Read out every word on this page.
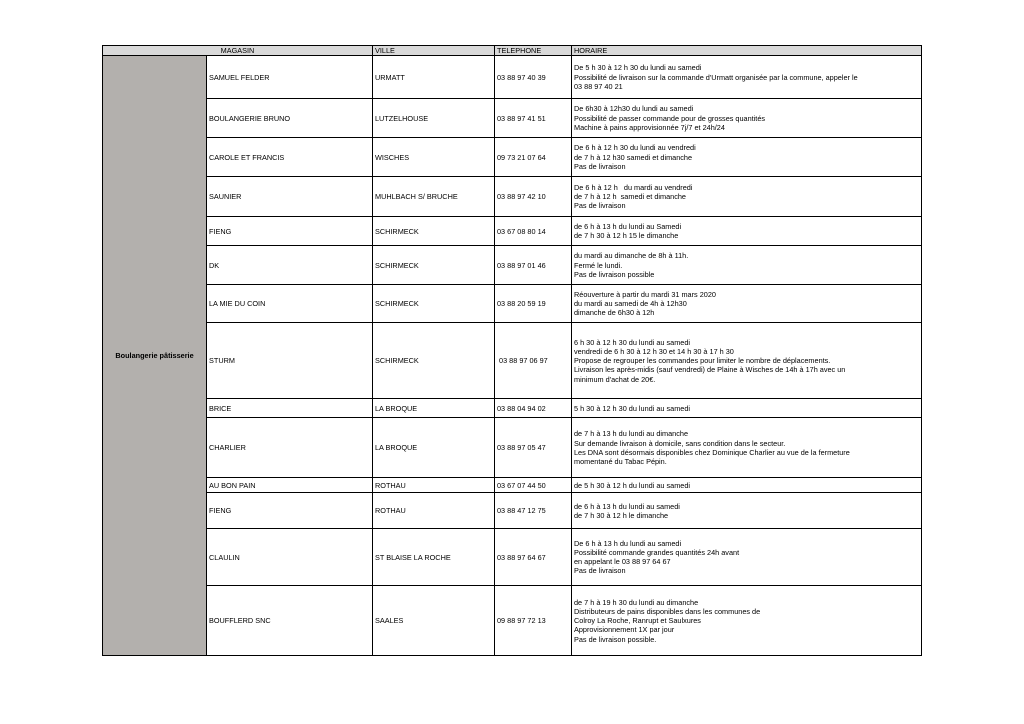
MAGASIN		VILLE	TELEPHONE	HORAIRE
Boulangerie pâtisserie	SAMUEL FELDER	URMATT	03 88 97 40 39	De 5 h 30 à 12 h 30 du lundi au samedi
Possibilité de livraison sur la commande d'Urmatt organisée par la commune, appeler le
03 88 97 40 21

	BOULANGERIE BRUNO	LUTZELHOUSE	03 88 97 41 51	De 6h30 à 12h30 du lundi au samedi
Possibilité de passer commande pour de grosses quantités
Machine à pains approvisionnée 7j/7 et 24h/24

	CAROLE ET FRANCIS	WISCHES	09 73 21 07 64	De 6 h à 12 h 30 du lundi au vendredi
de 7 h à 12 h30 samedi et dimanche
Pas de livraison

	SAUNIER	MUHLBACH S/ BRUCHE	03 88 97 42 10	De 6 h à 12 h   du mardi au vendredi
de 7 h à 12 h  samedi et dimanche
Pas de livraison

	FIENG	SCHIRMECK	03 67 08 80 14	de 6 h à 13 h du lundi au Samedi
de 7 h 30 à 12 h 15 le dimanche

	DK	SCHIRMECK	03 88 97 01 46	du mardi au dimanche de 8h à 11h.
Fermé le lundi.
Pas de livraison possible

	LA MIE DU COIN	SCHIRMECK	03 88 20 59 19	Réouverture à partir du mardi 31 mars 2020
du mardi au samedi de 4h à 12h30
dimanche de 6h30 à 12h

	STURM	SCHIRMECK	03 88 97 06 97	6 h 30 à 12 h 30 du lundi au samedi
vendredi de 6 h 30 à 12 h 30 et 14 h 30 à 17 h 30
Propose de regrouper les commandes pour limiter le nombre de déplacements.
Livraison les après-midis (sauf vendredi) de Plaine à Wisches de 14h à 17h avec un
minimum d'achat de 20€.

	BRICE	LA BROQUE	03 88 04 94 02	5 h 30 à 12 h 30 du lundi au samedi

	CHARLIER	LA BROQUE	03 88 97 05 47	de 7 h à 13 h du lundi au dimanche
Sur demande livraison à domicile, sans condition dans le secteur.
Les DNA sont désormais disponibles chez Dominique Charlier au vue de la fermeture
momentané du Tabac Pépin.

	AU BON PAIN	ROTHAU	03 67 07 44 50	de 5 h 30 à 12 h du lundi au samedi

	FIENG	ROTHAU	03 88 47 12 75	de 6 h à 13 h du lundi au samedi
de 7 h 30 à 12 h le dimanche

	CLAULIN	ST BLAISE LA ROCHE	03 88 97 64 67	De 6 h à 13 h du lundi au samedi
Possibilité commande grandes quantités 24h avant
en appelant le 03 88 97 64 67
Pas de livraison

	BOUFFLERD SNC	SAALES	09 88 97 72 13	de 7 h à 19 h 30 du lundi au dimanche
Distributeurs de pains disponibles dans les communes de
Colroy La Roche, Ranrupt et Saulxures
Approvisionnement 1X par jour
Pas de livraison possible.
